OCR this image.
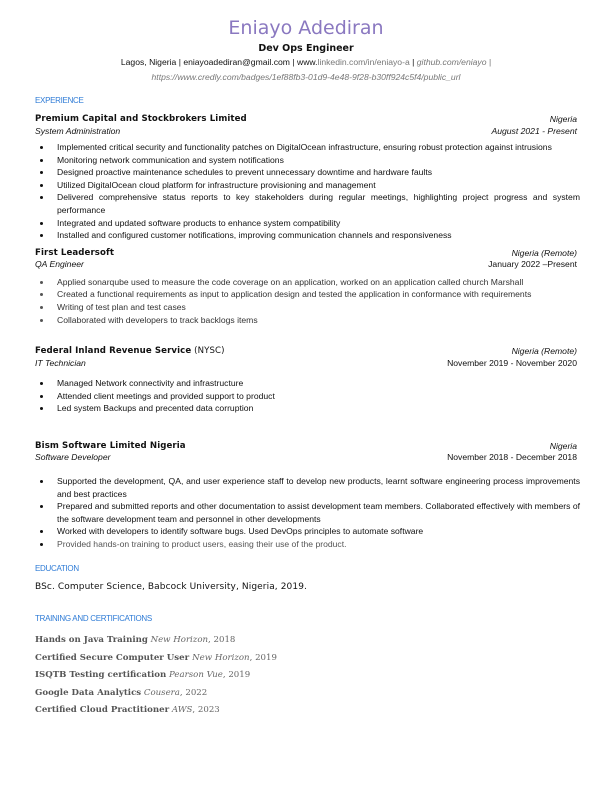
Eniayo Adediran
Dev Ops Engineer
Lagos, Nigeria | eniayoadediran@gmail.com | www.linkedin.com/in/eniayo-a | github.com/eniayo |
https://www.credly.com/badges/1ef88fb3-01d9-4e48-9f28-b30ff924c5f4/public_url
EXPERIENCE
Premium Capital and Stockbrokers Limited	Nigeria
System Administration	August 2021 - Present
Implemented critical security and functionality patches on DigitalOcean infrastructure, ensuring robust protection against intrusions
Monitoring network communication and system notifications
Designed proactive maintenance schedules to prevent unnecessary downtime and hardware faults
Utilized DigitalOcean cloud platform for infrastructure provisioning and management
Delivered comprehensive status reports to key stakeholders during regular meetings, highlighting project progress and system performance
Integrated and updated software products to enhance system compatibility
Installed and configured customer notifications, improving communication channels and responsiveness
First Leadersoft	Nigeria (Remote)
QA Engineer	January 2022 –Present
Applied sonarqube used to measure the code coverage on an application, worked on an application called church Marshall
Created a functional requirements as input to application design and tested the application in conformance with requirements
Writing of test plan and test cases
Collaborated with developers to track backlogs items
Federal Inland Revenue Service (NYSC)	Nigeria (Remote)
IT Technician	November 2019 - November 2020
Managed Network connectivity and infrastructure
Attended client meetings and provided support to product
Led system Backups and precented data corruption
Bism Software Limited Nigeria	Nigeria
Software Developer	November 2018 - December 2018
Supported the development, QA, and user experience staff to develop new products, learnt software engineering process improvements and best practices
Prepared and submitted reports and other documentation to assist development team members. Collaborated effectively with members of the software development team and personnel in other developments
Worked with developers to identify software bugs. Used DevOps principles to automate software
Provided hands-on training to product users, easing their use of the product.
EDUCATION
BSc. Computer Science, Babcock University, Nigeria, 2019.
TRAINING AND CERTIFICATIONS
Hands on Java Training New Horizon, 2018
Certified Secure Computer User New Horizon, 2019
ISQTB Testing certification Pearson Vue, 2019
Google Data Analytics Cousera, 2022
Certified Cloud Practitioner AWS, 2023
